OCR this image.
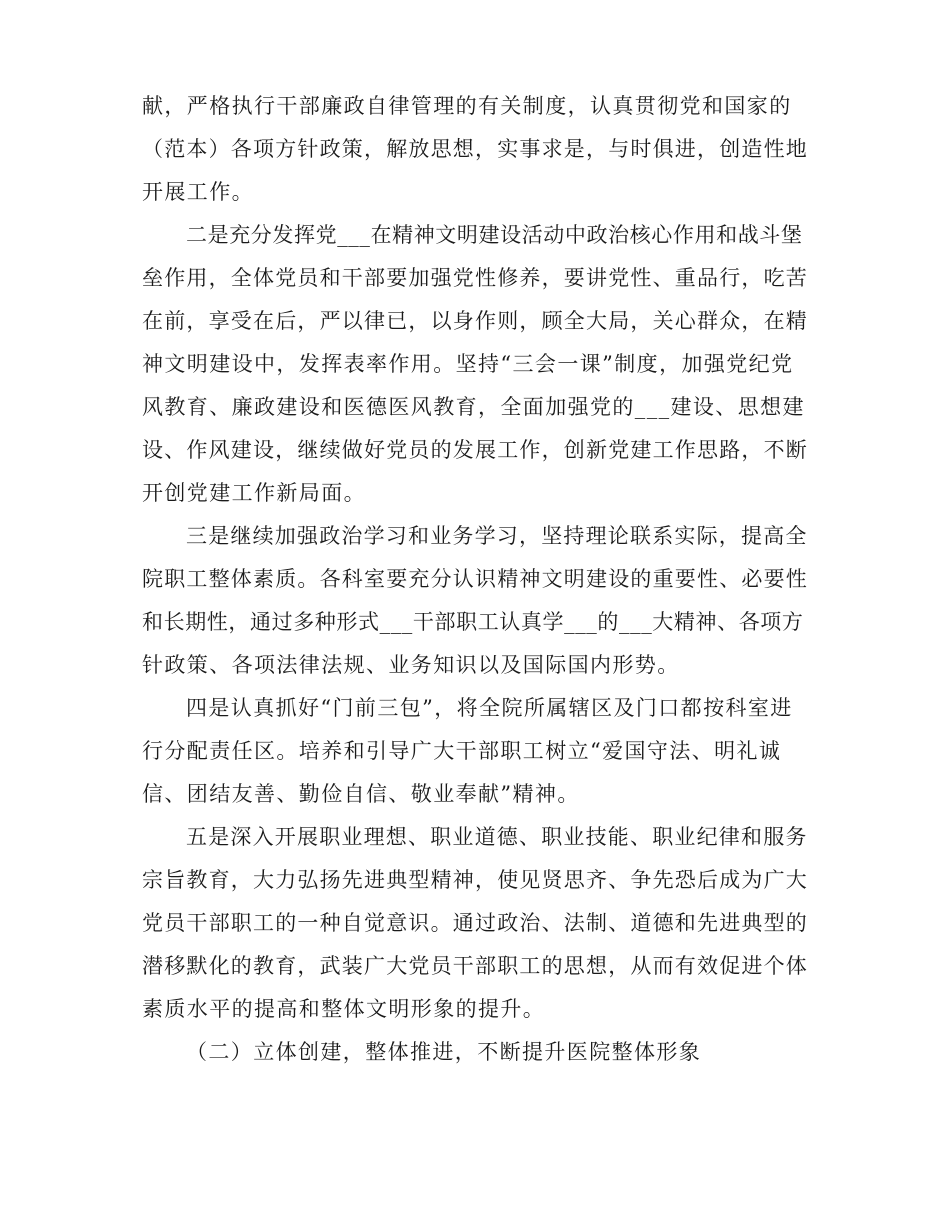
献，严格执行干部廉政自律管理的有关制度，认真贯彻党和国家的
（范本）各项方针政策，解放思想，实事求是，与时俱进，创造性地
开展工作。
二是充分发挥党___在精神文明建设活动中政治核心作用和战斗堡
垒作用，全体党员和干部要加强党性修养，要讲党性、重品行，吃苦
在前，享受在后，严以律已，以身作则，顾全大局，关心群众，在精
神文明建设中，发挥表率作用。坚持“三会一课”制度，加强党纪党
风教育、廉政建设和医德医风教育，全面加强党的___建设、思想建
设、作风建设，继续做好党员的发展工作，创新党建工作思路，不断
开创党建工作新局面。
三是继续加强政治学习和业务学习，坚持理论联系实际，提高全
院职工整体素质。各科室要充分认识精神文明建设的重要性、必要性
和长期性，通过多种形式___干部职工认真学___的___大精神、各项方
针政策、各项法律法规、业务知识以及国际国内形势。
四是认真抓好“门前三包”，将全院所属辖区及门口都按科室进
行分配责任区。培养和引导广大干部职工树立“爱国守法、明礼诚
信、团结友善、勤俭自信、敬业奉献”精神。
五是深入开展职业理想、职业道德、职业技能、职业纪律和服务
宗旨教育，大力弘扬先进典型精神，使见贤思齐、争先恐后成为广大
党员干部职工的一种自觉意识。通过政治、法制、道德和先进典型的
潜移默化的教育，武装广大党员干部职工的思想，从而有效促进个体
素质水平的提高和整体文明形象的提升。
（二）立体创建，整体推进，不断提升医院整体形象
